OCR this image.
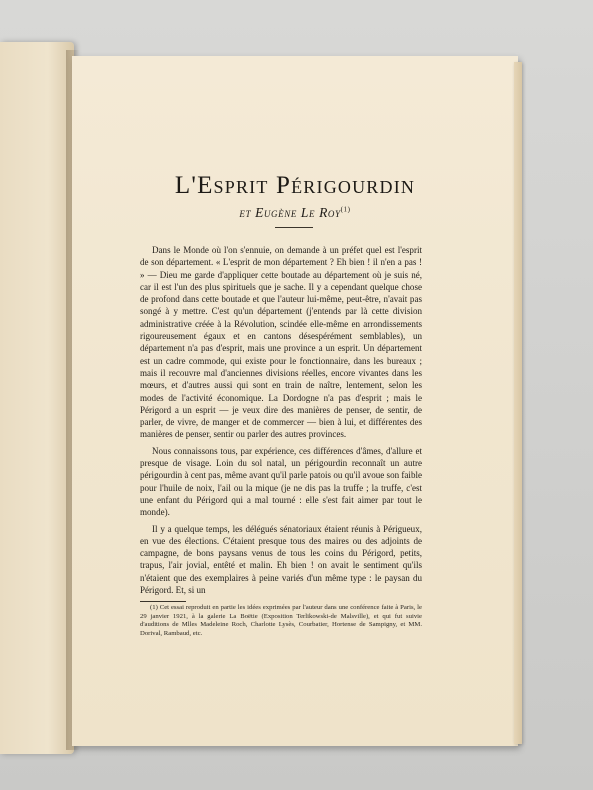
L'Esprit Périgourdin
et Eugène Le Roy$^{(1)}$

Dans le Monde où l'on s'ennuie, on demande à un préfet quel est l'esprit de son département. « L'esprit de mon département ? Eh bien ! il n'en a pas ! » — Dieu me garde d'appliquer cette boutade au département où je suis né, car il est l'un des plus spirituels que je sache. Il y a cependant quelque chose de profond dans cette boutade et que l'auteur lui-même, peut-être, n'avait pas songé à y mettre. C'est qu'un département (j'entends par là cette division administrative créée à la Révolution, scindée elle-même en arrondissements rigoureusement égaux et en cantons désespérément semblables), un département n'a pas d'esprit, mais une province a un esprit. Un département est un cadre commode, qui existe pour le fonctionnaire, dans les bureaux ; mais il recouvre mal d'anciennes divisions réelles, encore vivantes dans les mœurs, et d'autres aussi qui sont en train de naître, lentement, selon les modes de l'activité économique. La Dordogne n'a pas d'esprit ; mais le Périgord a un esprit — je veux dire des manières de penser, de sentir, de parler, de vivre, de manger et de commercer — bien à lui, et différentes des manières de penser, sentir ou parler des autres provinces.

Nous connaissons tous, par expérience, ces différences d'âmes, d'allure et presque de visage. Loin du sol natal, un périgourdin reconnaît un autre périgourdin à cent pas, même avant qu'il parle patois ou qu'il avoue son faible pour l'huile de noix, l'ail ou la mique (je ne dis pas la truffe ; la truffe, c'est une enfant du Périgord qui a mal tourné : elle s'est fait aimer par tout le monde).

Il y a quelque temps, les délégués sénatoriaux étaient réunis à Périgueux, en vue des élections. C'étaient presque tous des maires ou des adjoints de campagne, de bons paysans venus de tous les coins du Périgord, petits, trapus, l'air jovial, entêté et malin. Eh bien ! on avait le sentiment qu'ils n'étaient que des exemplaires à peine variés d'un même type : le paysan du Périgord. Et, si un

(1) Cet essai reproduit en partie les idées exprimées par l'auteur dans une conférence faite à Paris, le 29 janvier 1921, à la galerie La Boëtie (Exposition Terlikowski-de Malsville), et qui fut suivie d'auditions de Mlles Madeleine Roch, Charlotte Lysès, Courbatier, Hortense de Sampigny, et MM. Dorival, Rambaud, etc.
